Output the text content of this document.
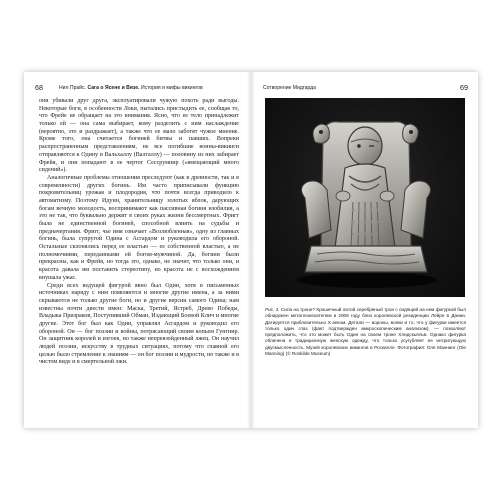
68	Нил Прайс. Сага о Ясене и Вязе. История и мифы викингов

они убивали друг друга, эксплуатировали чужую похоть ради выгоды. Некоторые боги, в особенности Локи, пытались пристыдить ее, сообщая то, что Фрейе не обращает на это внимания. Ясно, что ее тело принадлежит только ей — она сама выбирает, кому разделить с ним наслаждение (вероятно, это и раздражает), а также что ее мало заботят чужое мнение. Кроме того, она считается богиней битвы и павших. Вопреки распространенным представлениям, не все погибшие воины-викинги отправляются к Одину в Вальхаллу (Валгаллу) — половину из них забирает Фрейя, и они попадают в ее чертог Сессрумнир («вмещающий много сидений»).

Аналогичные проблемы отношения преследуют (как в древности, так и в современности) других богинь. Им часто приписывали функцию покровительниц урожая и плодородия, что почти всегда приводило к автоматизму. Поэтому Идунн, хранительницу золотых яблок, дарующих богам вечную молодость, воспринимают как пассивная богиня изобилия, а это не так, что буквально держит в своих руках жизни бессмертных. Фригг была не единственной богиней, способной влиять на судьбы и предначертания. Фригг, чье имя означает «Возлюбленная», одну из главных богинь, была супругой Одина с Асгардом и руководила его обороной. Остальные склонялись перед ее властью — ее собственной властью, а не полномочиями, переданными ей богом-мужчиной. Да, богини были прекрасны, как и Фрейя, но тогда это, однако, не значит, что только они, и красота давала им поставить стереотипу, но красота не с восхождением внушала ужас.

Среди всех ведущей фигурой явно был Один, хотя в письменных источниках наряду с ним появляются и многие другие имена, а за ними скрываются не только другие боги, но и другие версии самого Одина; нам известны почти двести имен: Маска, Третий, Ястреб, Древо Победы, Владыка Призраков, Поступивший Обман, Издающий Боевой Клич и многие другие. Этот бог был как Один, управлял Асгардом и руководил его обороной. Он — бог поэзии и войны, потрясающий своим копьем Гунгнир. Он защитник королей и изгоев, но также непревзойденный лжец. Он научил людей поэзии, искусству в трудных ситуациях, потому что главной его целью было стремление к знаниям — он бог поэзии и мудрости, но также и в чистом виде и в смертельной лжи.

Сотворение Мидгарда	69
Рис. 3. Сила на троне? Крошечный литой серебряный трон с сидящей на нем фигуркой был обнаружен металлоискателем в 2009 году близ королевской резиденции Лейре в Дании. Датируется приблизительно X веком. Детали — вороны, волки и то, что у фигурки имеется только один глаз (факт подтвержден микроскопическим анализом), — позволяют предположить, что это может быть Один на своем троне Хлидскьяльв. Однако фигурка облачена в традиционную женскую одежду, что только усугубляет ее интригующую двусмысленность. Музей королевских викингов в Роскилле. Фотография: Оле Маннинг (Ole Manning) (© Roskilde Museum)
